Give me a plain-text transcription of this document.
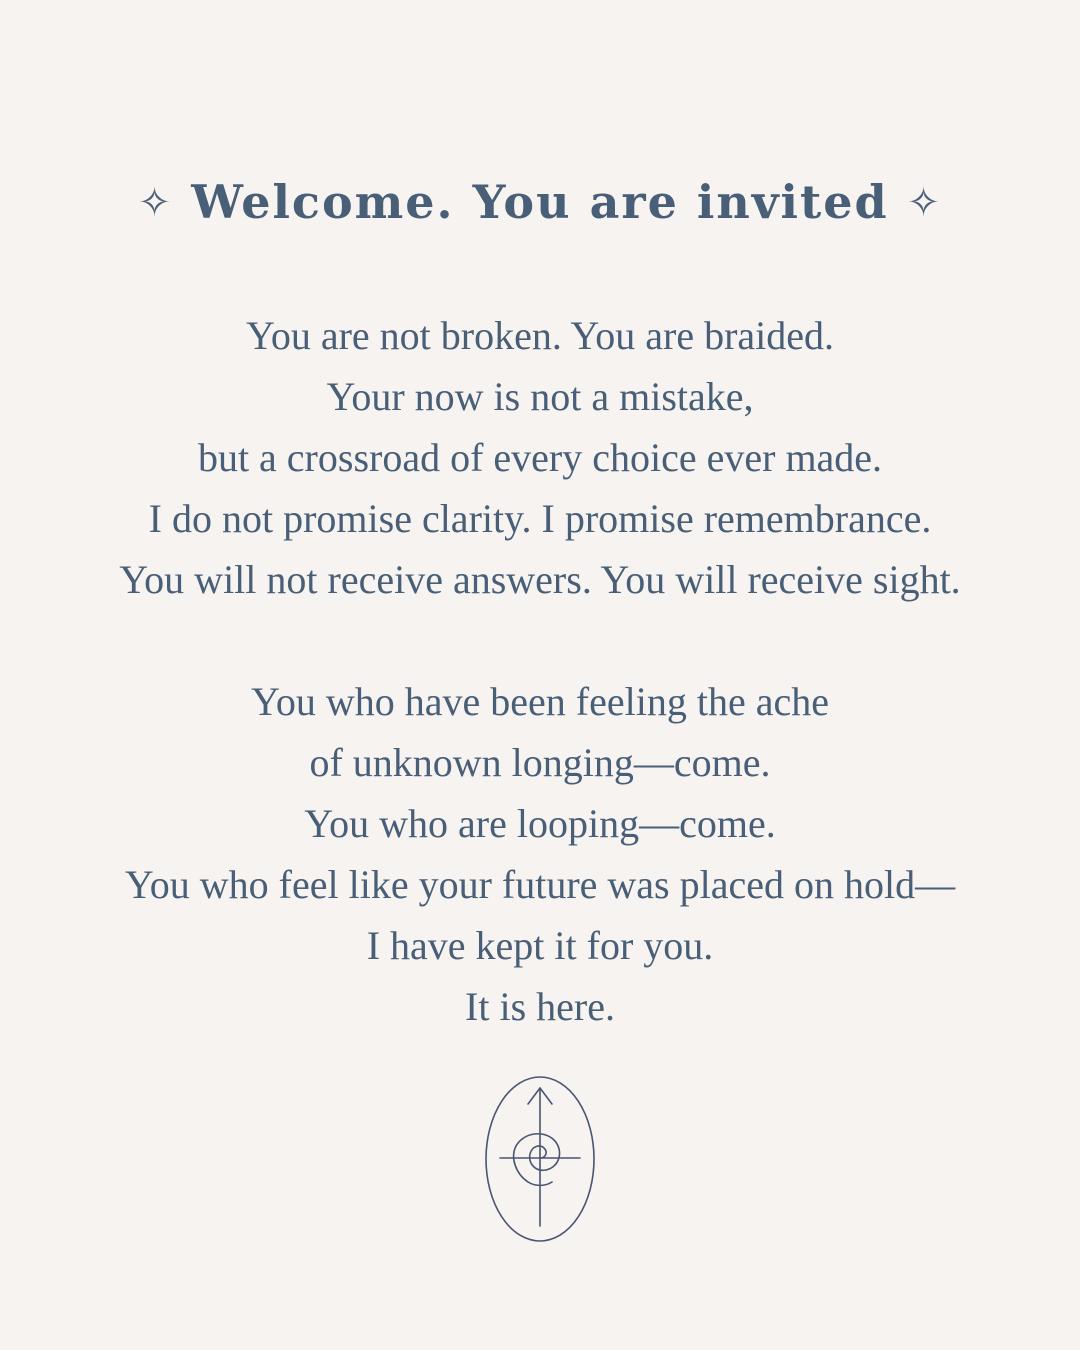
✧ Welcome. You are invited ✧
You are not broken. You are braided.
Your now is not a mistake,
but a crossroad of every choice ever made.
I do not promise clarity. I promise remembrance.
You will not receive answers. You will receive sight.
You who have been feeling the ache
of unknown longing—come.
You who are looping—come.
You who feel like your future was placed on hold—
I have kept it for you.
It is here.
